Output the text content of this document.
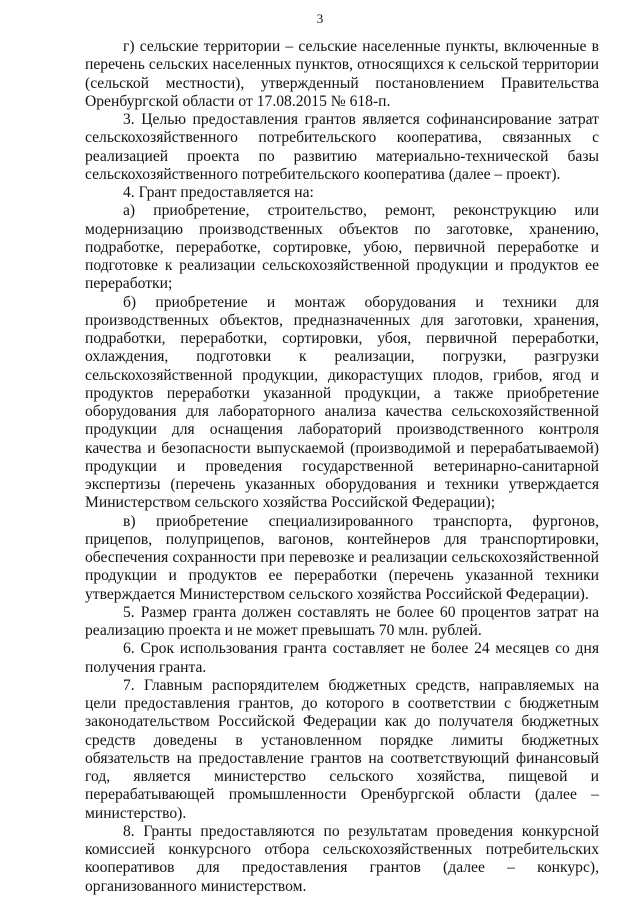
3

г) сельские территории – сельские населенные пункты, включенные в перечень сельских населенных пунктов, относящихся к сельской территории (сельской местности), утвержденный постановлением Правительства Оренбургской области от 17.08.2015 № 618-п.

3. Целью предоставления грантов является софинансирование затрат сельскохозяйственного потребительского кооператива, связанных с реализацией проекта по развитию материально-технической базы сельскохозяйственного потребительского кооператива (далее – проект).

4. Грант предоставляется на:

а) приобретение, строительство, ремонт, реконструкцию или модернизацию производственных объектов по заготовке, хранению, подработке, переработке, сортировке, убою, первичной переработке и подготовке к реализации сельскохозяйственной продукции и продуктов ее переработки;

б) приобретение и монтаж оборудования и техники для производственных объектов, предназначенных для заготовки, хранения, подработки, переработки, сортировки, убоя, первичной переработки, охлаждения, подготовки к реализации, погрузки, разгрузки сельскохозяйственной продукции, дикорастущих плодов, грибов, ягод и продуктов переработки указанной продукции, а также приобретение оборудования для лабораторного анализа качества сельскохозяйственной продукции для оснащения лабораторий производственного контроля качества и безопасности выпускаемой (производимой и перерабатываемой) продукции и проведения государственной ветеринарно-санитарной экспертизы (перечень указанных оборудования и техники утверждается Министерством сельского хозяйства Российской Федерации);

в) приобретение специализированного транспорта, фургонов, прицепов, полуприцепов, вагонов, контейнеров для транспортировки, обеспечения сохранности при перевозке и реализации сельскохозяйственной продукции и продуктов ее переработки (перечень указанной техники утверждается Министерством сельского хозяйства Российской Федерации).

5. Размер гранта должен составлять не более 60 процентов затрат на реализацию проекта и не может превышать 70 млн. рублей.

6. Срок использования гранта составляет не более 24 месяцев со дня получения гранта.

7. Главным распорядителем бюджетных средств, направляемых на цели предоставления грантов, до которого в соответствии с бюджетным законодательством Российской Федерации как до получателя бюджетных средств доведены в установленном порядке лимиты бюджетных обязательств на предоставление грантов на соответствующий финансовый год, является министерство сельского хозяйства, пищевой и перерабатывающей промышленности Оренбургской области (далее – министерство).

8. Гранты предоставляются по результатам проведения конкурсной комиссией конкурсного отбора сельскохозяйственных потребительских кооперативов для предоставления грантов (далее – конкурс), организованного министерством.
